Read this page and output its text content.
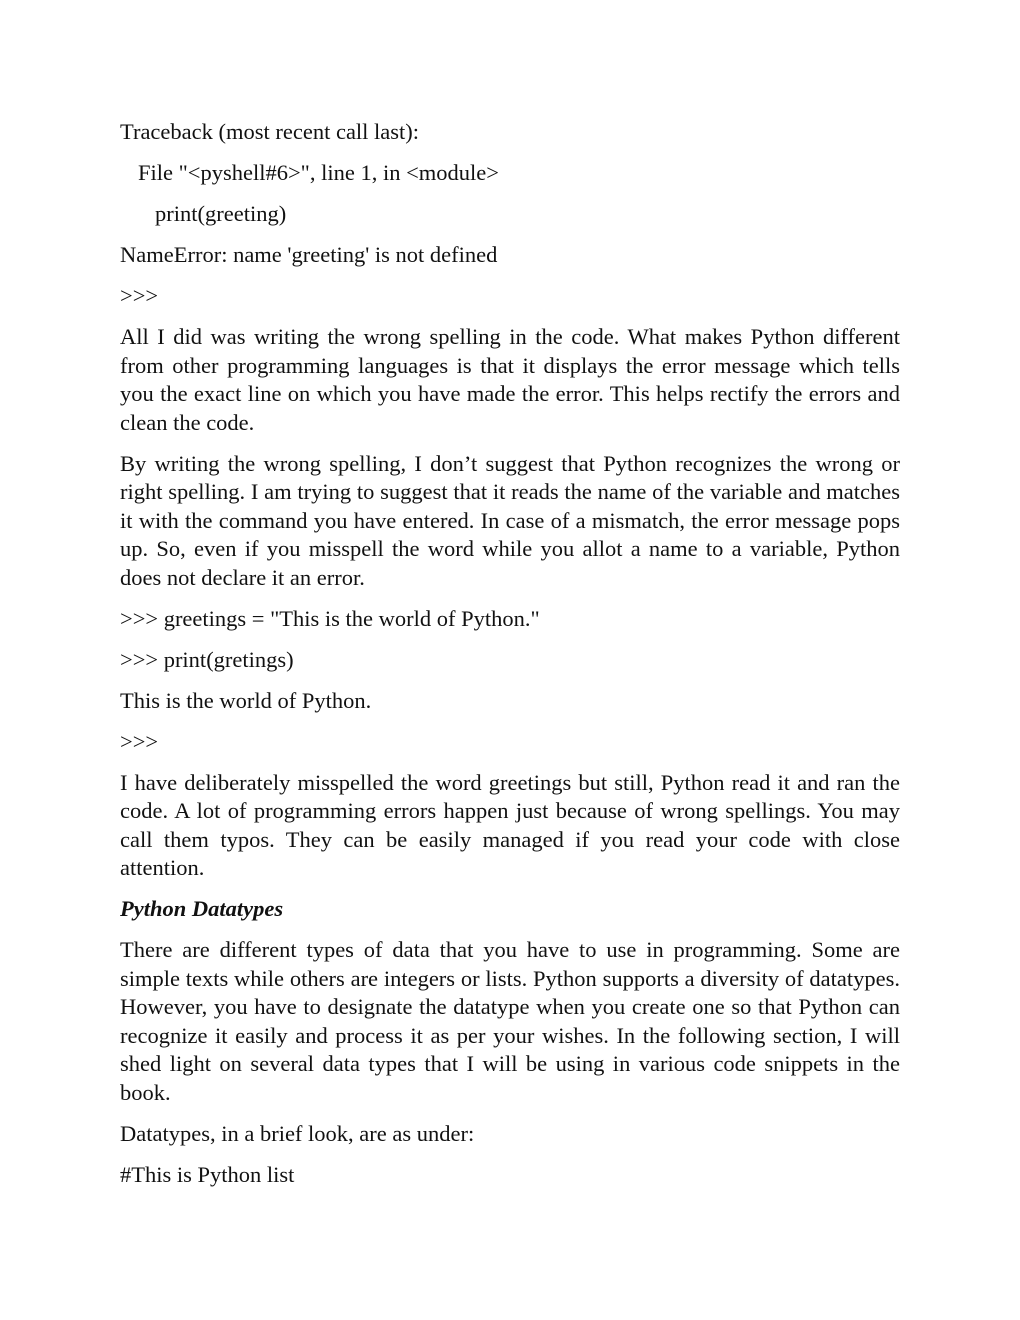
Traceback (most recent call last):
File "<pyshell#6>", line 1, in <module>
print(greeting)
NameError: name 'greeting' is not defined
>>>

All I did was writing the wrong spelling in the code. What makes Python different from other programming languages is that it displays the error message which tells you the exact line on which you have made the error. This helps rectify the errors and clean the code.

By writing the wrong spelling, I don’t suggest that Python recognizes the wrong or right spelling. I am trying to suggest that it reads the name of the variable and matches it with the command you have entered. In case of a mismatch, the error message pops up. So, even if you misspell the word while you allot a name to a variable, Python does not declare it an error.

>>> greetings = "This is the world of Python."
>>> print(gretings)
This is the world of Python.
>>>

I have deliberately misspelled the word greetings but still, Python read it and ran the code. A lot of programming errors happen just because of wrong spellings. You may call them typos. They can be easily managed if you read your code with close attention.

Python Datatypes

There are different types of data that you have to use in programming. Some are simple texts while others are integers or lists. Python supports a diversity of datatypes. However, you have to designate the datatype when you create one so that Python can recognize it easily and process it as per your wishes. In the following section, I will shed light on several data types that I will be using in various code snippets in the book.

Datatypes, in a brief look, are as under:
#This is Python list
